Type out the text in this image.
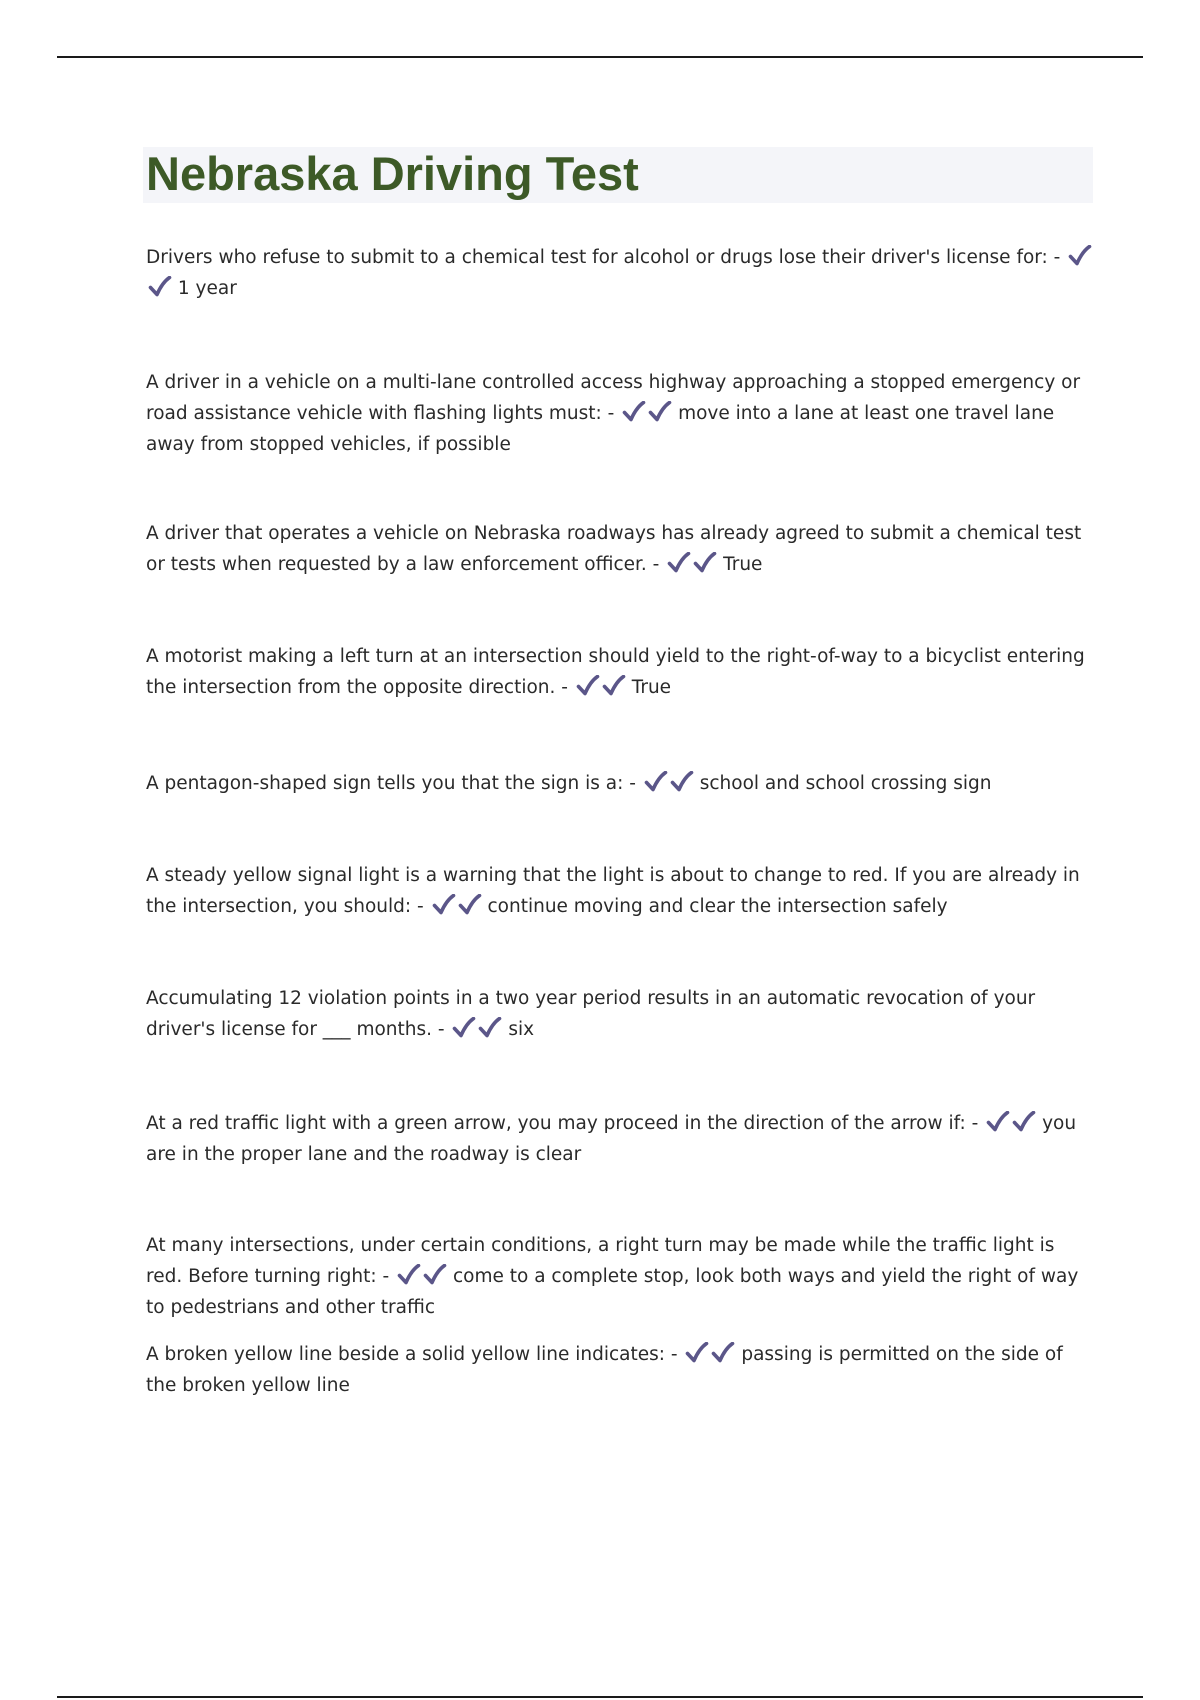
Nebraska Driving Test

Drivers who refuse to submit to a chemical test for alcohol or drugs lose their driver's license for: -
1 year

A driver in a vehicle on a multi-lane controlled access highway approaching a stopped emergency or road assistance vehicle with flashing lights must: -	move into a lane at least one travel lane away from stopped vehicles, if possible

A driver that operates a vehicle on Nebraska roadways has already agreed to submit a chemical test or tests when requested by a law enforcement officer. -	True

A motorist making a left turn at an intersection should yield to the right-of-way to a bicyclist entering the intersection from the opposite direction. -	True

A pentagon-shaped sign tells you that the sign is a: -	school and school crossing sign

A steady yellow signal light is a warning that the light is about to change to red. If you are already in the intersection, you should: -	continue moving and clear the intersection safely

Accumulating 12 violation points in a two year period results in an automatic revocation of your driver's license for ___ months. -	six

At a red traffic light with a green arrow, you may proceed in the direction of the arrow if: -	you are in the proper lane and the roadway is clear

At many intersections, under certain conditions, a right turn may be made while the traffic light is red. Before turning right: -	come to a complete stop, look both ways and yield the right of way to pedestrians and other traffic

A broken yellow line beside a solid yellow line indicates: -	passing is permitted on the side of the broken yellow line
